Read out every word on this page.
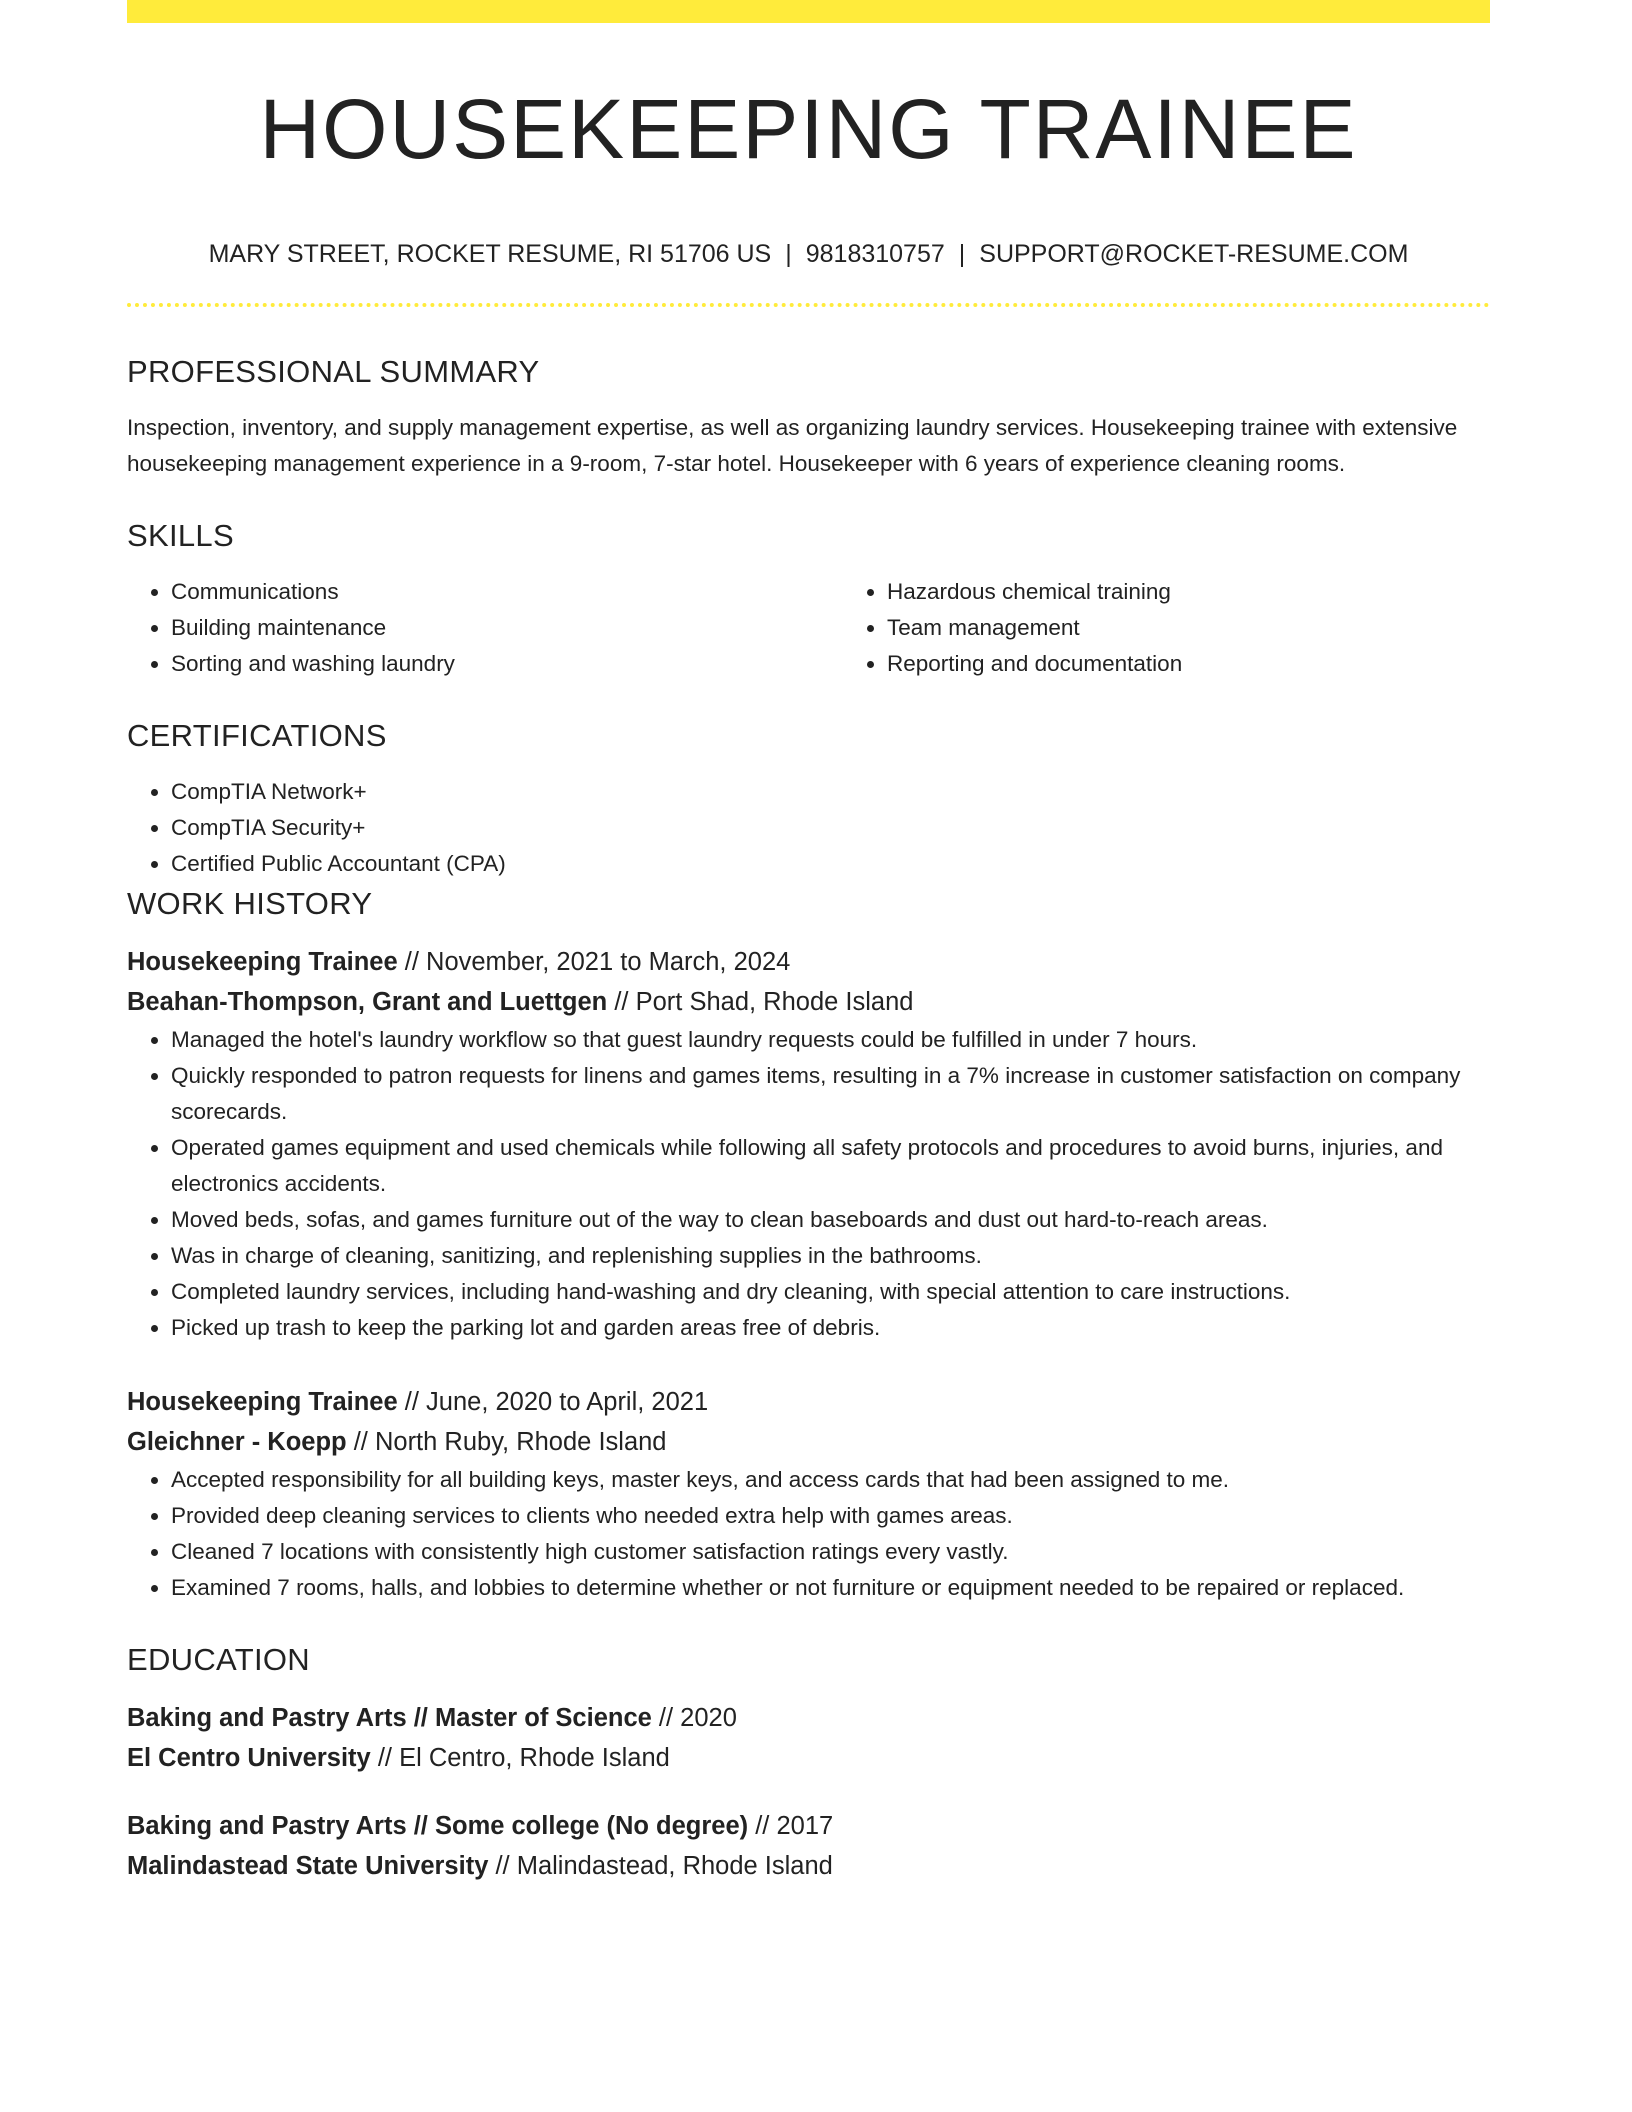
HOUSEKEEPING TRAINEE
MARY STREET, ROCKET RESUME, RI 51706 US | 9818310757 | SUPPORT@ROCKET-RESUME.COM
PROFESSIONAL SUMMARY

Inspection, inventory, and supply management expertise, as well as organizing laundry services. Housekeeping trainee with extensive housekeeping management experience in a 9-room, 7-star hotel. Housekeeper with 6 years of experience cleaning rooms.

SKILLS
• Communications
• Building maintenance
• Sorting and washing laundry
• Hazardous chemical training
• Team management
• Reporting and documentation
CERTIFICATIONS
• CompTIA Network+
• CompTIA Security+
• Certified Public Accountant (CPA)
WORK HISTORY
Housekeeping Trainee // November, 2021 to March, 2024
Beahan-Thompson, Grant and Luettgen // Port Shad, Rhode Island
• Managed the hotel's laundry workflow so that guest laundry requests could be fulfilled in under 7 hours.
• Quickly responded to patron requests for linens and games items, resulting in a 7% increase in customer satisfaction on company scorecards.
• Operated games equipment and used chemicals while following all safety protocols and procedures to avoid burns, injuries, and electronics accidents.
• Moved beds, sofas, and games furniture out of the way to clean baseboards and dust out hard-to-reach areas.
• Was in charge of cleaning, sanitizing, and replenishing supplies in the bathrooms.
• Completed laundry services, including hand-washing and dry cleaning, with special attention to care instructions.
• Picked up trash to keep the parking lot and garden areas free of debris.
Housekeeping Trainee // June, 2020 to April, 2021
Gleichner - Koepp // North Ruby, Rhode Island
• Accepted responsibility for all building keys, master keys, and access cards that had been assigned to me.
• Provided deep cleaning services to clients who needed extra help with games areas.
• Cleaned 7 locations with consistently high customer satisfaction ratings every vastly.
• Examined 7 rooms, halls, and lobbies to determine whether or not furniture or equipment needed to be repaired or replaced.
EDUCATION
Baking and Pastry Arts // Master of Science // 2020
El Centro University // El Centro, Rhode Island
Baking and Pastry Arts // Some college (No degree) // 2017
Malindastead State University // Malindastead, Rhode Island
